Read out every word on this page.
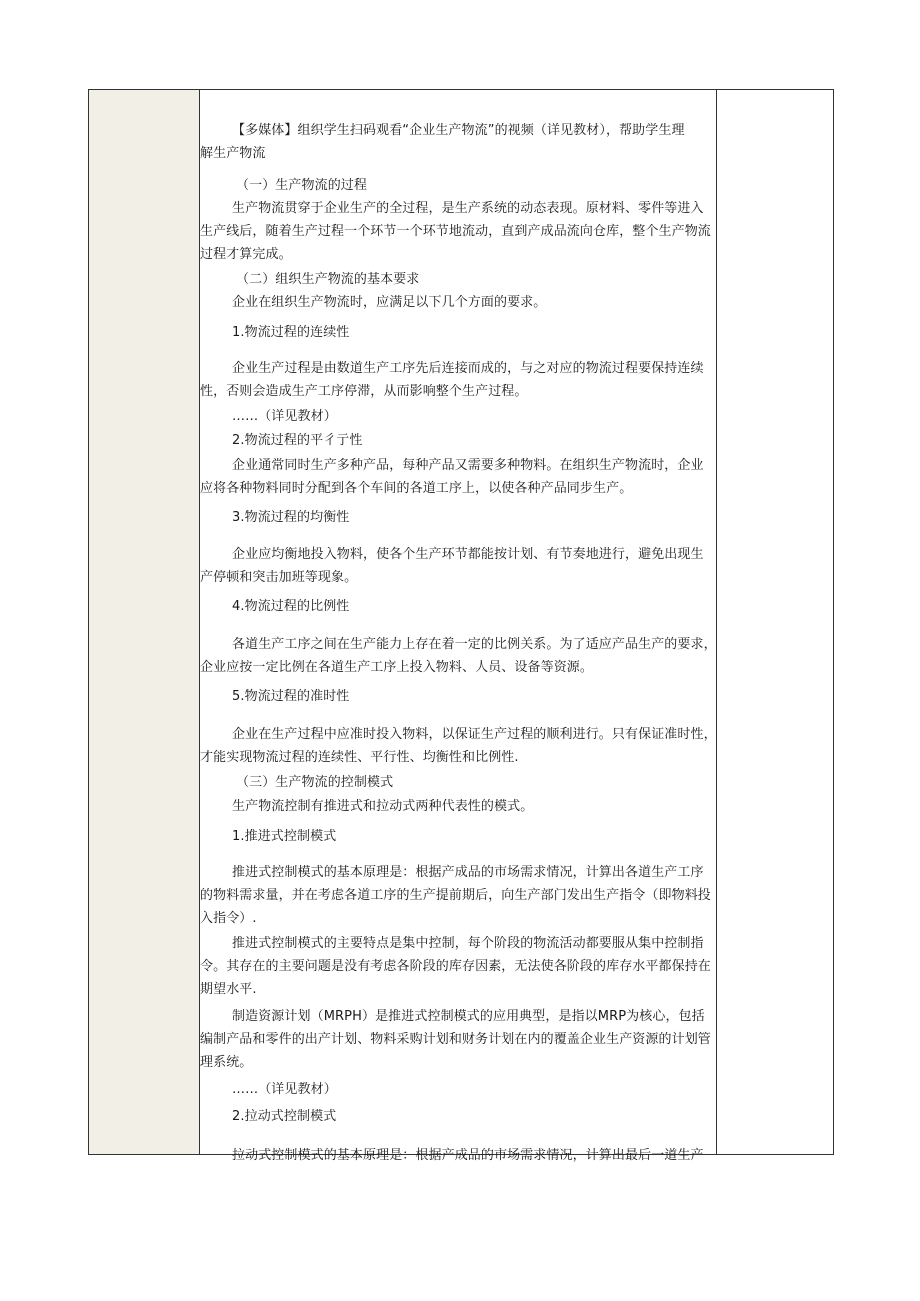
【多媒体】组织学生扫码观看“企业生产物流”的视频（详见教材），帮助学生理
解生产物流
（一）生产物流的过程
生产物流贯穿于企业生产的全过程，是生产系统的动态表现。原材料、零件等进入
生产线后，随着生产过程一个环节一个环节地流动，直到产成品流向仓库，整个生产物流
过程才算完成。
（二）组织生产物流的基本要求
企业在组织生产物流时，应满足以下几个方面的要求。
1.物流过程的连续性
企业生产过程是由数道生产工序先后连接而成的，与之对应的物流过程要保持连续
性，否则会造成生产工序停滞，从而影响整个生产过程。
……（详见教材）
2.物流过程的平彳亍性
企业通常同时生产多种产品，每种产品又需要多种物料。在组织生产物流时，企业
应将各种物料同时分配到各个车间的各道工序上，以使各种产品同步生产。
3.物流过程的均衡性
企业应均衡地投入物料，使各个生产环节都能按计划、有节奏地进行，避免出现生
产停顿和突击加班等现象。
4.物流过程的比例性
各道生产工序之间在生产能力上存在着一定的比例关系。为了适应产品生产的要求，
企业应按一定比例在各道生产工序上投入物料、人员、设备等资源。
5.物流过程的准时性
企业在生产过程中应准时投入物料，以保证生产过程的顺利进行。只有保证准时性，
才能实现物流过程的连续性、平行性、均衡性和比例性.
（三）生产物流的控制模式
生产物流控制有推进式和拉动式两种代表性的模式。
1.推进式控制模式
推进式控制模式的基本原理是：根据产成品的市场需求情况，计算出各道生产工序
的物料需求量，并在考虑各道工序的生产提前期后，向生产部门发出生产指令（即物料投
入指令）.
推进式控制模式的主要特点是集中控制，每个阶段的物流活动都要服从集中控制指
令。其存在的主要问题是没有考虑各阶段的库存因素，无法使各阶段的库存水平都保持在
期望水平.
制造资源计划（MRPH）是推进式控制模式的应用典型，是指以MRP为核心，包括
编制产品和零件的出产计划、物料采购计划和财务计划在内的覆盖企业生产资源的计划管
理系统。
……（详见教材）
2.拉动式控制模式
拉动式控制模式的基本原理是：根据产成品的市场需求情况，计算出最后一道生产
